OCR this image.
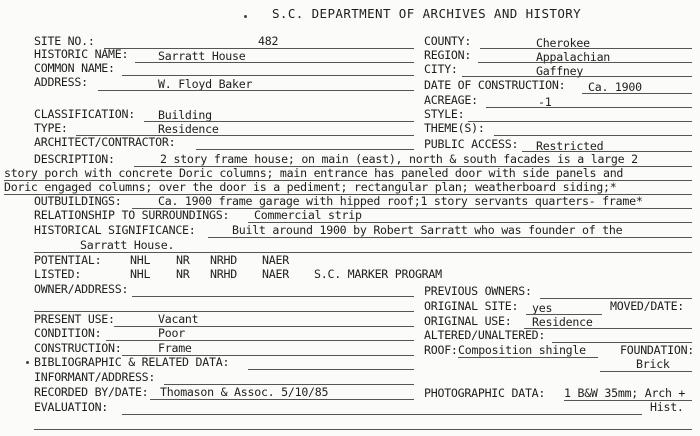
S.C. DEPARTMENT OF ARCHIVES AND HISTORY
SITE NO.:	482
HISTORIC NAME:	Sarratt House
COMMON NAME:
ADDRESS:	W. Floyd Baker
CLASSIFICATION: Building
TYPE:	Residence
ARCHITECT/CONTRACTOR:
COUNTY:	Cherokee
REGION:	Appalachian
CITY:	Gaffney
DATE OF CONSTRUCTION: Ca. 1900
ACREAGE:	-1
STYLE:
THEME(S):
PUBLIC ACCESS: Restricted
DESCRIPTION:	2 story frame house; on main (east), north & south facades is a large 2
story porch with concrete Doric columns; main entrance has paneled door with side panels and
Doric engaged columns; over the door is a pediment; rectangular plan; weatherboard siding;*
OUTBUILDINGS:	Ca. 1900 frame garage with hipped roof;1 story servants quarters- frame*
RELATIONSHIP TO SURROUNDINGS: Commercial strip
HISTORICAL SIGNIFICANCE:	Built around 1900 by Robert Sarratt who was founder of the
Sarratt House.
POTENTIAL: NHL NR NRHD NAER
LISTED:	NHL NR NRHD NAER S.C. MARKER PROGRAM
OWNER/ADDRESS:	PREVIOUS OWNERS:
ORIGINAL SITE: yes	MOVED/DATE:
ORIGINAL USE: Residence
ALTERED/UNALTERED:
ROOF: Composition shingle	FOUNDATION:
Brick
PRESENT USE:	Vacant
CONDITION:	Poor
CONSTRUCTION:	Frame
BIBLIOGRAPHIC & RELATED DATA:
INFORMANT/ADDRESS:
RECORDED BY/DATE: Thomason & Assoc. 5/10/85	PHOTOGRAPHIC DATA: 1 B&W 35mm; Arch +
Hist.
EVALUATION:
